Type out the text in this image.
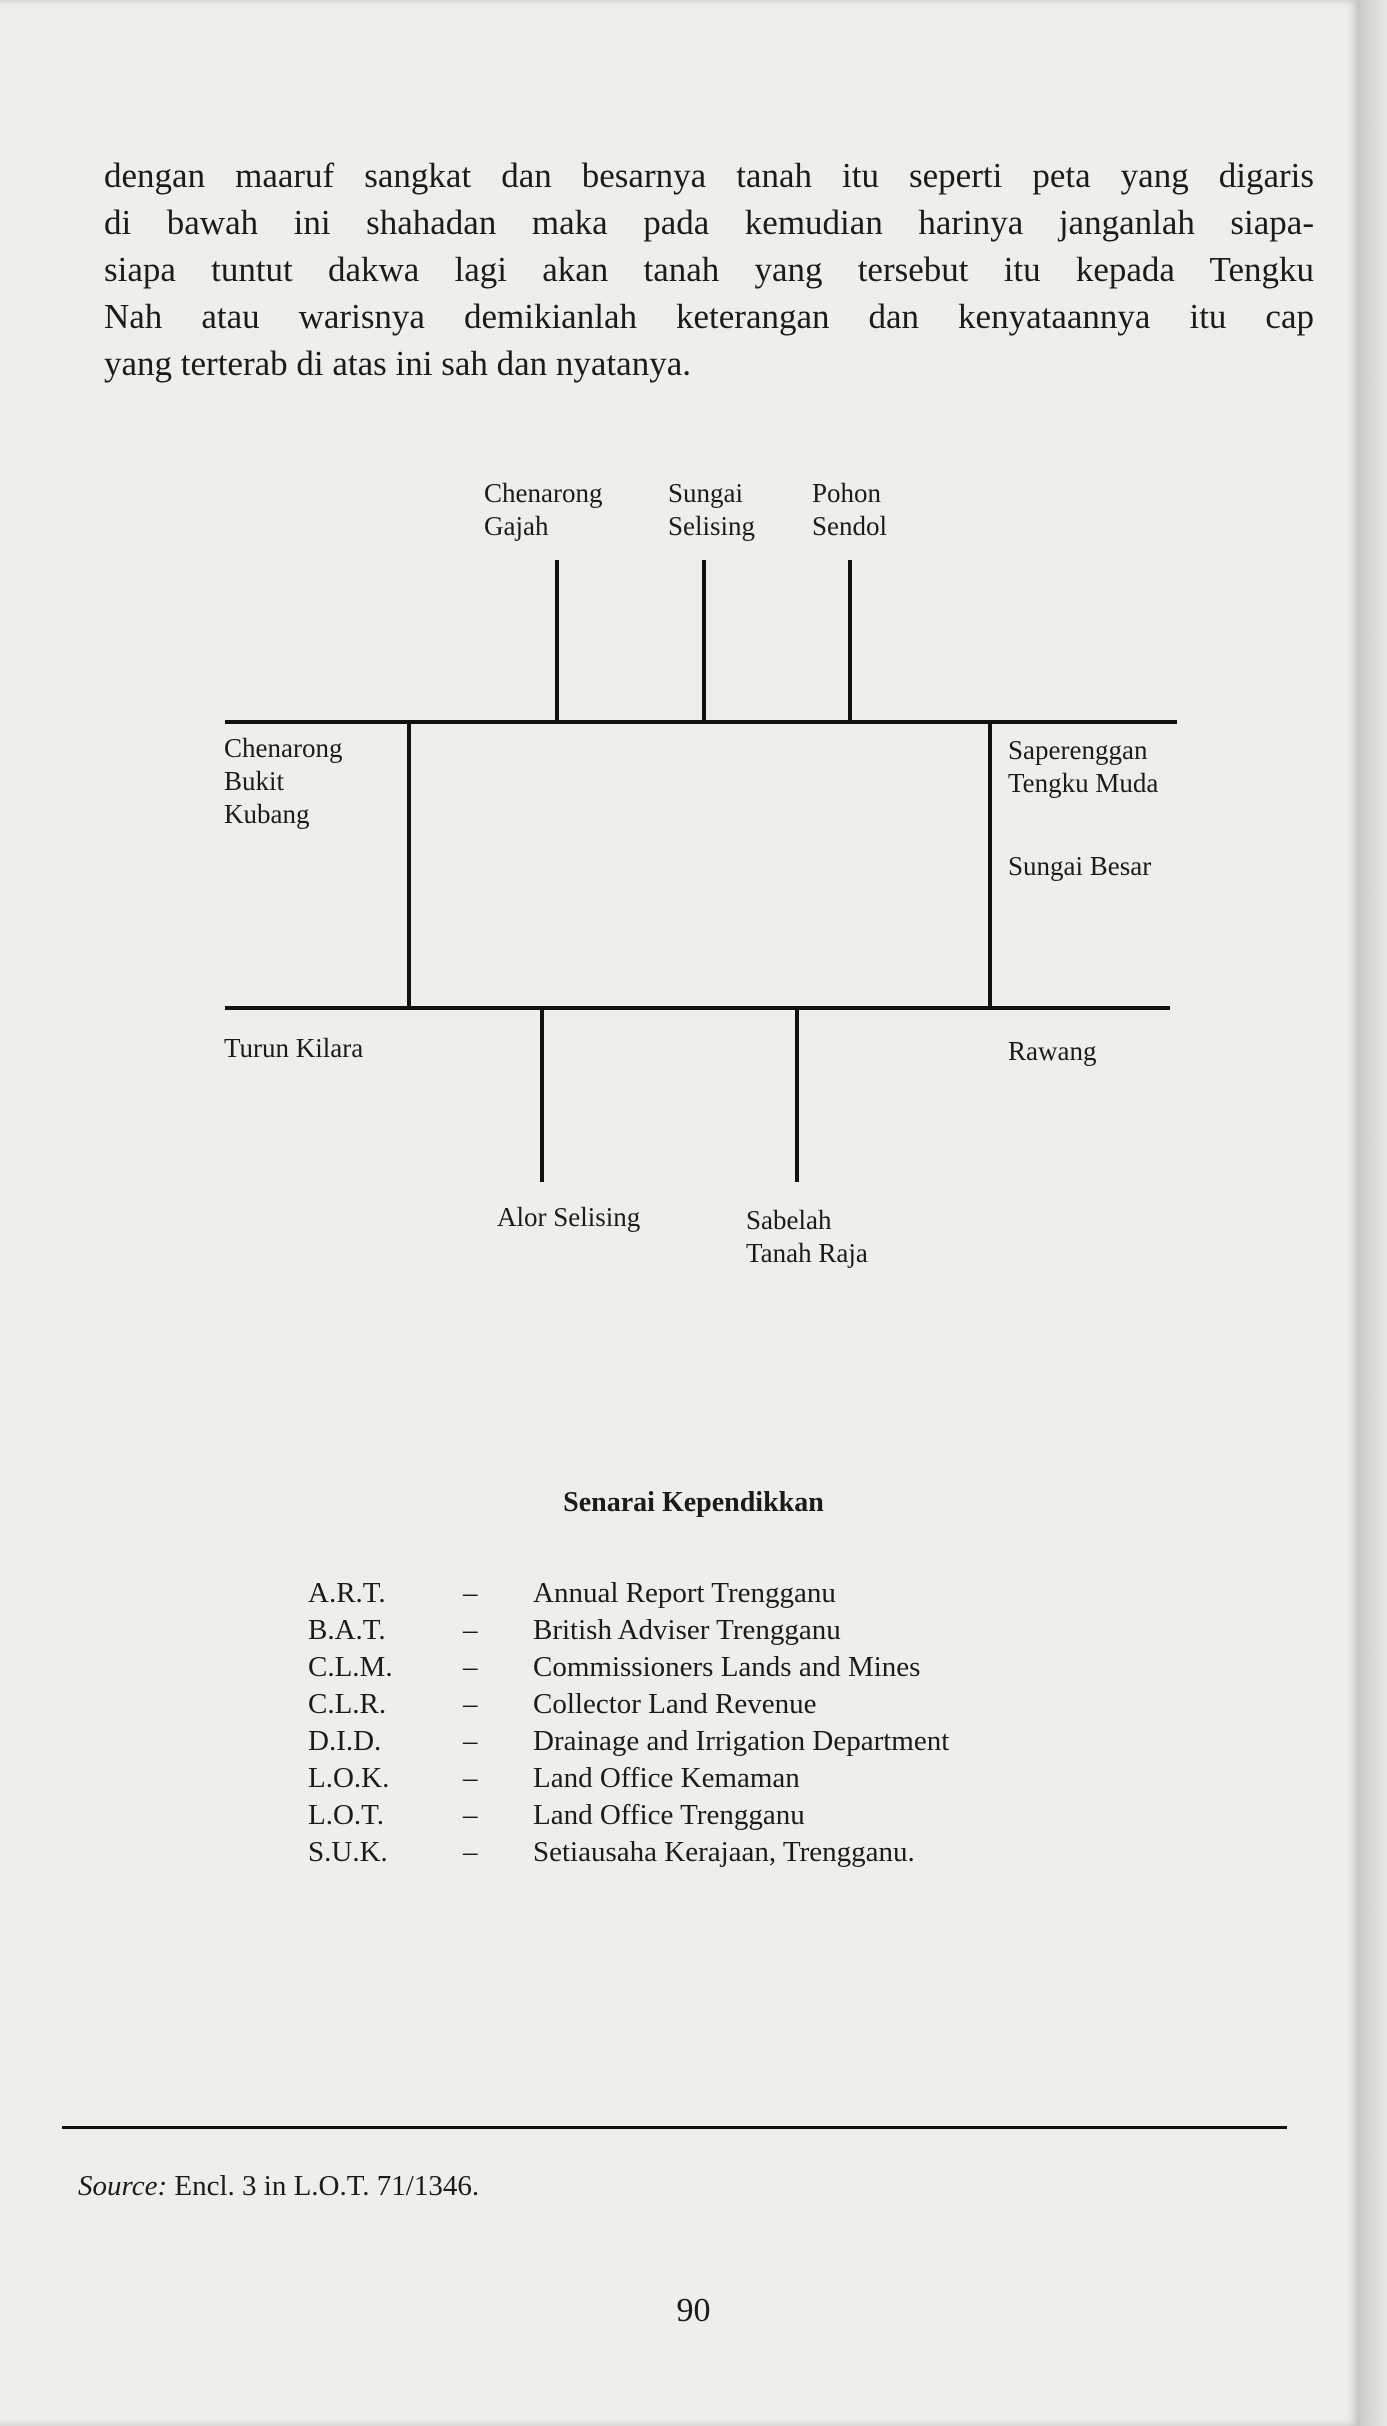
dengan maaruf sangkat dan besarnya tanah itu seperti peta yang digaris
di bawah ini shahadan maka pada kemudian harinya janganlah siapa-
siapa tuntut dakwa lagi akan tanah yang tersebut itu kepada Tengku
Nah atau warisnya demikianlah keterangan dan kenyataannya itu cap
yang terterab di atas ini sah dan nyatanya.
Chenarong
Gajah
Sungai
Selising
Pohon
Sendol
Chenarong
Bukit
Kubang
Saperenggan
Tengku Muda
Sungai Besar
Turun Kilara	Rawang
Alor Selising	Sabelah
Tanah Raja
Senarai Kependikkan
A.R.T.	–	Annual Report Trengganu
B.A.T.	–	British Adviser Trengganu
C.L.M.	–	Commissioners Lands and Mines
C.L.R.	–	Collector Land Revenue
D.I.D.	–	Drainage and Irrigation Department
L.O.K.	–	Land Office Kemaman
L.O.T.	–	Land Office Trengganu
S.U.K.	–	Setiausaha Kerajaan, Trengganu.
Source: Encl. 3 in L.O.T. 71/1346.
90
